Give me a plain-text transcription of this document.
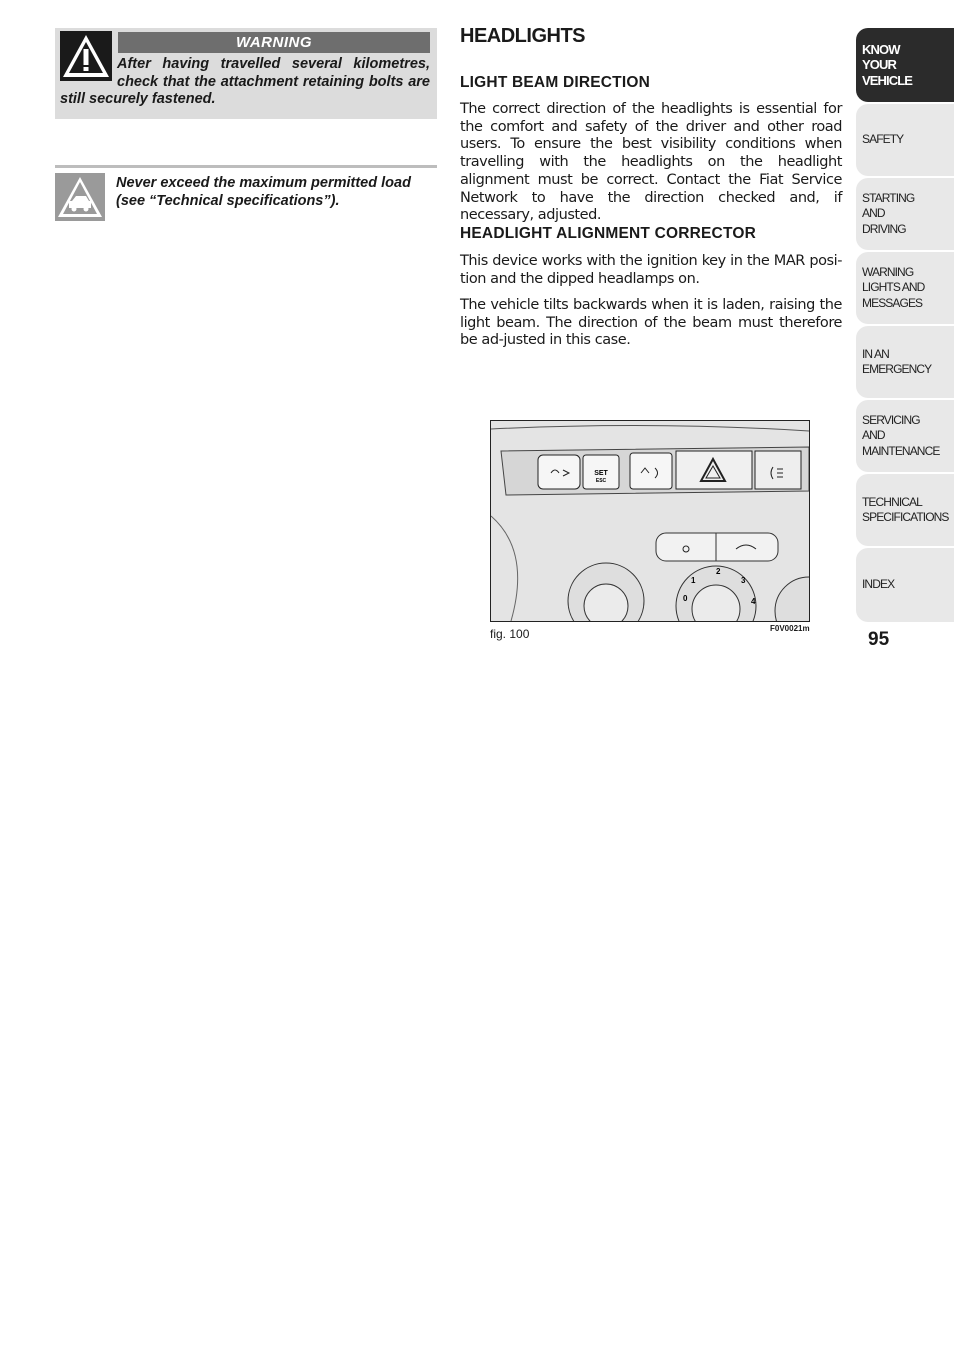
WARNING
After having travelled several kilometres, check that the attachment retaining bolts are still securely fastened.
Never exceed the maximum permitted load (see “Technical specifications”).
HEADLIGHTS
LIGHT BEAM DIRECTION
The correct direction of the headlights is essential for the comfort and safety of the driver and other road users. To ensure the best visibility conditions when travelling with the headlights on the headlight alignment must be correct. Contact the Fiat Service Network to have the direction checked and, if necessary, adjusted.
HEADLIGHT ALIGNMENT CORRECTOR
This device works with the ignition key in the MAR posi-tion and the dipped headlamps on.
The vehicle tilts backwards when it is laden, raising the light beam. The direction of the beam must therefore be ad-justed in this case.
SET
ESC
0
1
2
3
4
fig. 100	F0V0021m
KNOW
YOUR
VEHICLE
SAFETY
STARTING
AND
DRIVING
WARNING
LIGHTS AND
MESSAGES
IN AN
EMERGENCY
SERVICING
AND
MAINTENANCE
TECHNICAL
SPECIFICATIONS
INDEX
95
